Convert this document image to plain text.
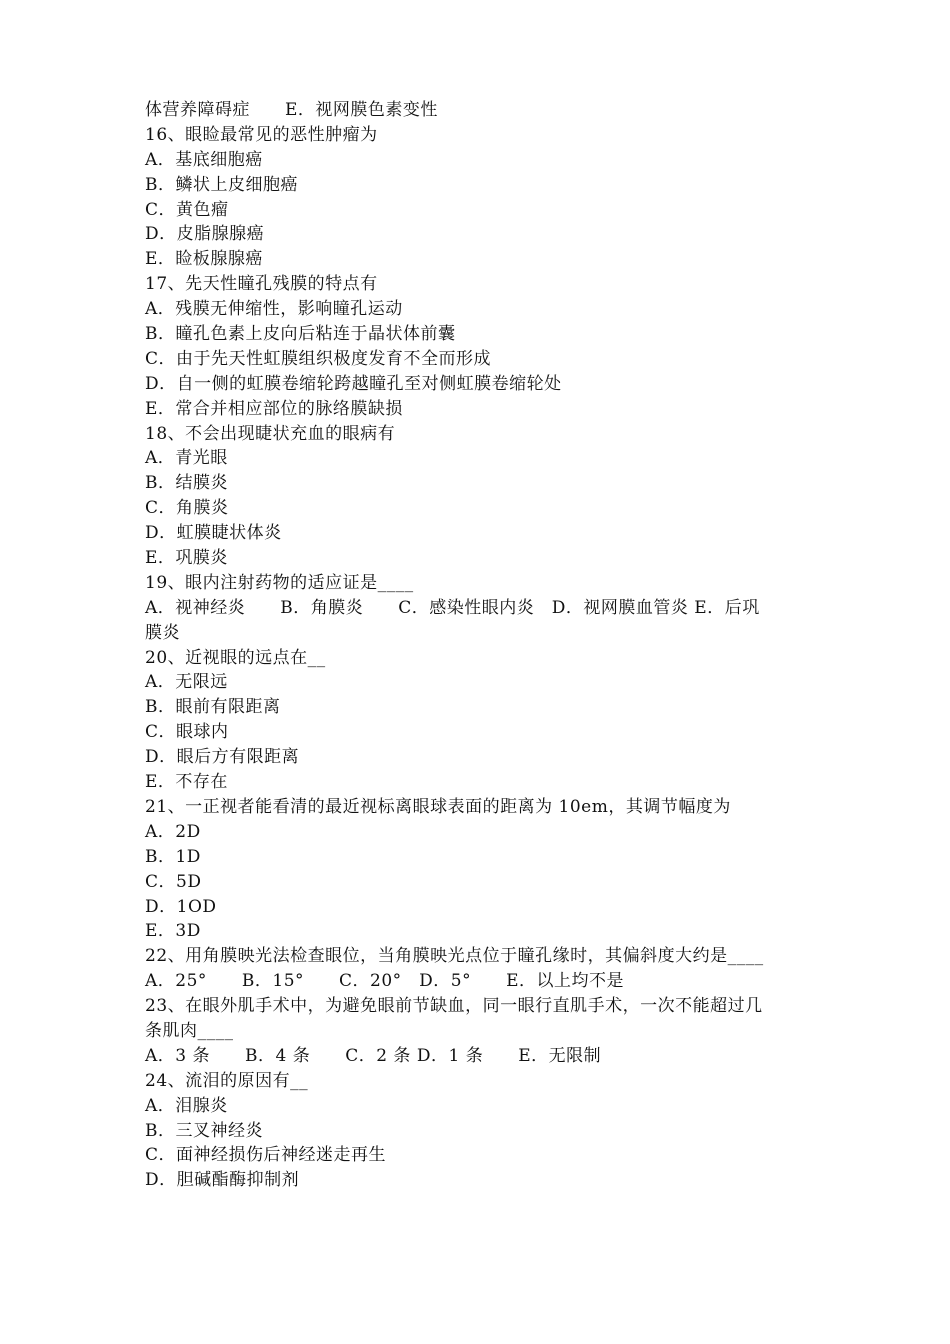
体营养障碍症　　E．视网膜色素变性
16、眼睑最常见的恶性肿瘤为
A．基底细胞癌
B．鳞状上皮细胞癌
C．黄色瘤
D．皮脂腺腺癌
E．睑板腺腺癌
17、先天性瞳孔残膜的特点有
A．残膜无伸缩性，影响瞳孔运动
B．瞳孔色素上皮向后粘连于晶状体前囊
C．由于先天性虹膜组织极度发育不全而形成
D．自一侧的虹膜卷缩轮跨越瞳孔至对侧虹膜卷缩轮处
E．常合并相应部位的脉络膜缺损
18、不会出现睫状充血的眼病有
A．青光眼
B．结膜炎
C．角膜炎
D．虹膜睫状体炎
E．巩膜炎
19、眼内注射药物的适应证是____
A．视神经炎　　B．角膜炎　　C．感染性眼内炎　D．视网膜血管炎 E．后巩
膜炎
20、近视眼的远点在__
A．无限远
B．眼前有限距离
C．眼球内
D．眼后方有限距离
E．不存在
21、一正视者能看清的最近视标离眼球表面的距离为 10em，其调节幅度为
A．2D
B．1D
C．5D
D．1OD
E．3D
22、用角膜映光法检查眼位，当角膜映光点位于瞳孔缘时，其偏斜度大约是____
A．25°　　B．15°　　C．20°　D．5°　　E．以上均不是
23、在眼外肌手术中，为避免眼前节缺血，同一眼行直肌手术，一次不能超过几
条肌肉____
A．3 条　　B．4 条　　C．2 条 D．1 条　　E．无限制
24、流泪的原因有__
A．泪腺炎
B．三叉神经炎
C．面神经损伤后神经迷走再生
D．胆碱酯酶抑制剂
